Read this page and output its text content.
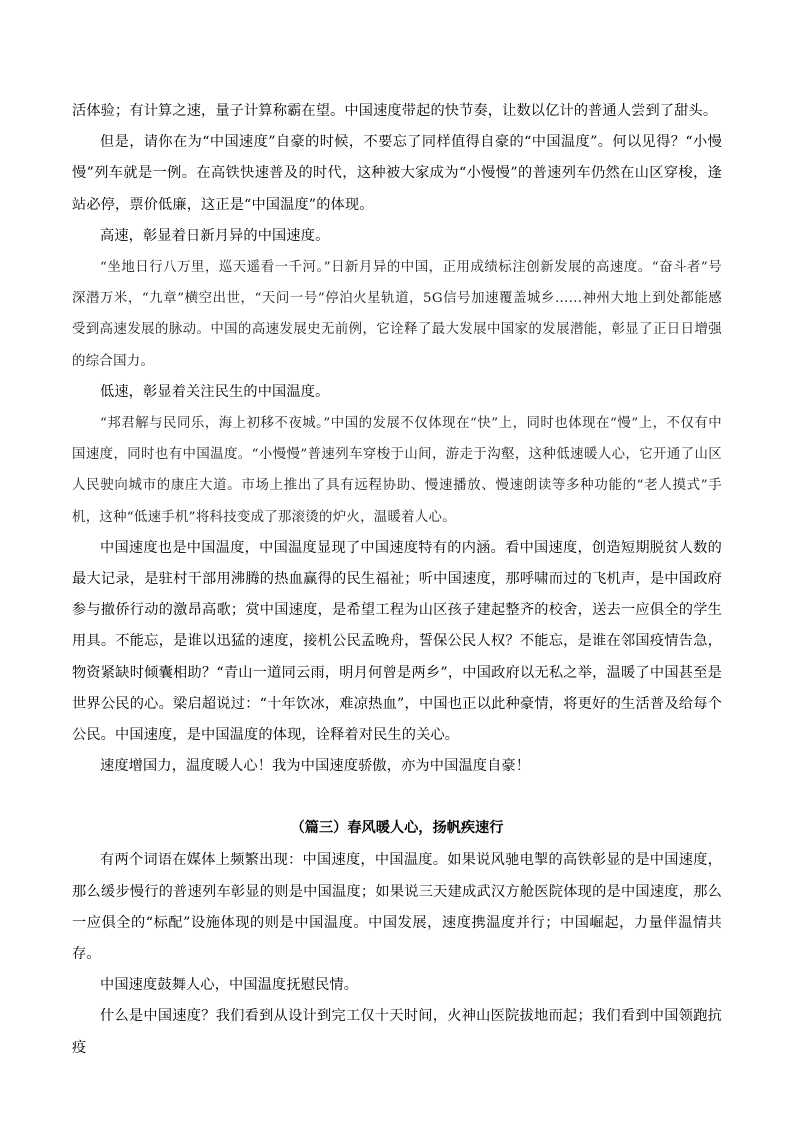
活体验；有计算之速，量子计算称霸在望。中国速度带起的快节奏，让数以亿计的普通人尝到了甜头。

但是，请你在为“中国速度”自豪的时候，不要忘了同样值得自豪的“中国温度”。何以见得？“小慢慢”列车就是一例。在高铁快速普及的时代，这种被大家成为“小慢慢”的普速列车仍然在山区穿梭，逢站必停，票价低廉，这正是“中国温度”的体现。

高速，彰显着日新月异的中国速度。

“坐地日行八万里，巡天遥看一千河。”日新月异的中国，正用成绩标注创新发展的高速度。“奋斗者”号深潜万米，“九章”横空出世，“天问一号”停泊火星轨道，5G信号加速覆盖城乡……神州大地上到处都能感受到高速发展的脉动。中国的高速发展史无前例，它诠释了最大发展中国家的发展潜能，彰显了正日日增强的综合国力。

低速，彰显着关注民生的中国温度。

“邦君解与民同乐，海上初移不夜城。”中国的发展不仅体现在“快”上，同时也体现在“慢”上，不仅有中国速度，同时也有中国温度。“小慢慢”普速列车穿梭于山间，游走于沟壑，这种低速暖人心，它开通了山区人民驶向城市的康庄大道。市场上推出了具有远程协助、慢速播放、慢速朗读等多种功能的“老人摸式”手机，这种“低速手机”将科技变成了那滚烫的炉火，温暖着人心。

中国速度也是中国温度，中国温度显现了中国速度特有的内涵。看中国速度，创造短期脱贫人数的最大记录，是驻村干部用沸腾的热血赢得的民生福祉；听中国速度，那呼啸而过的飞机声，是中国政府参与撤侨行动的激昂高歌；赏中国速度，是希望工程为山区孩子建起整齐的校舍，送去一应俱全的学生用具。不能忘，是谁以迅猛的速度，接机公民孟晚舟，誓保公民人权？不能忘，是谁在邻国疫情告急，物资紧缺时倾囊相助？“青山一道同云雨，明月何曾是两乡”，中国政府以无私之举，温暖了中国甚至是世界公民的心。梁启超说过：“十年饮冰，难凉热血”，中国也正以此种豪情，将更好的生活普及给每个公民。中国速度，是中国温度的体现，诠释着对民生的关心。

速度增国力，温度暖人心！我为中国速度骄傲，亦为中国温度自豪！

（篇三）春风暖人心，扬帆疾速行

有两个词语在媒体上频繁出现：中国速度，中国温度。如果说风驰电掣的高铁彰显的是中国速度，那么缓步慢行的普速列车彰显的则是中国温度；如果说三天建成武汉方舱医院体现的是中国速度，那么一应俱全的“标配”设施体现的则是中国温度。中国发展，速度携温度并行；中国崛起，力量伴温情共存。

中国速度鼓舞人心，中国温度抚慰民情。

什么是中国速度？我们看到从设计到完工仅十天时间，火神山医院拔地而起；我们看到中国领跑抗疫
